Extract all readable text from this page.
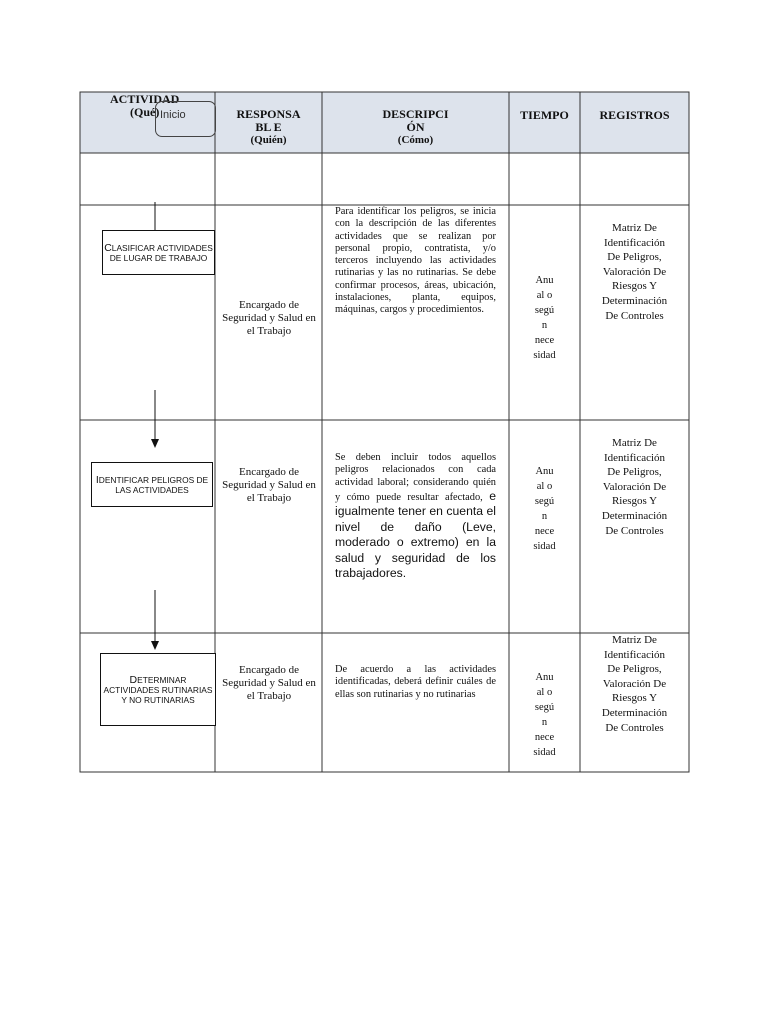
ACTIVIDAD
(Qué) Inicio	RESPONSA
BL E
(Quién)
DESCRIPCI
ÓN
(Cómo)
TIEMPO	REGISTROS
CLASIFICAR ACTIVIDADES DE LUGAR DE TRABAJO
Encargado de Seguridad y Salud en el Trabajo
Para identificar los peligros, se inicia con la descripción de las diferentes actividades que se realizan por personal propio, contratista, y/o terceros incluyendo las actividades rutinarias y las no rutinarias. Se debe confirmar procesos, áreas, ubicación, instalaciones, planta, equipos, máquinas, cargos y procedimientos.
Anu
al o
segú
n
nece
sidad
Matriz De
Identificación
De Peligros,
Valoración De
Riesgos Y
Determinación
De Controles
IDENTIFICAR PELIGROS DE LAS ACTIVIDADES
Encargado de Seguridad y Salud en el Trabajo
Se deben incluir todos aquellos peligros relacionados con cada actividad laboral; considerando quién y cómo puede resultar afectado, e igualmente tener en cuenta el nivel de daño (Leve, moderado o extremo) en la salud y seguridad de los trabajadores.
Anu
al o
segú
n
nece
sidad
Matriz De
Identificación
De Peligros,
Valoración De
Riesgos Y
Determinación
De Controles
DETERMINAR ACTIVIDADES RUTINARIAS Y NO RUTINARIAS
Encargado de Seguridad y Salud en el Trabajo
De acuerdo a las actividades identificadas, deberá definir cuáles de ellas son rutinarias y no rutinarias
Anu
al o
segú
n
nece
sidad
Matriz De
Identificación
De Peligros,
Valoración De
Riesgos Y
Determinación
De Controles
